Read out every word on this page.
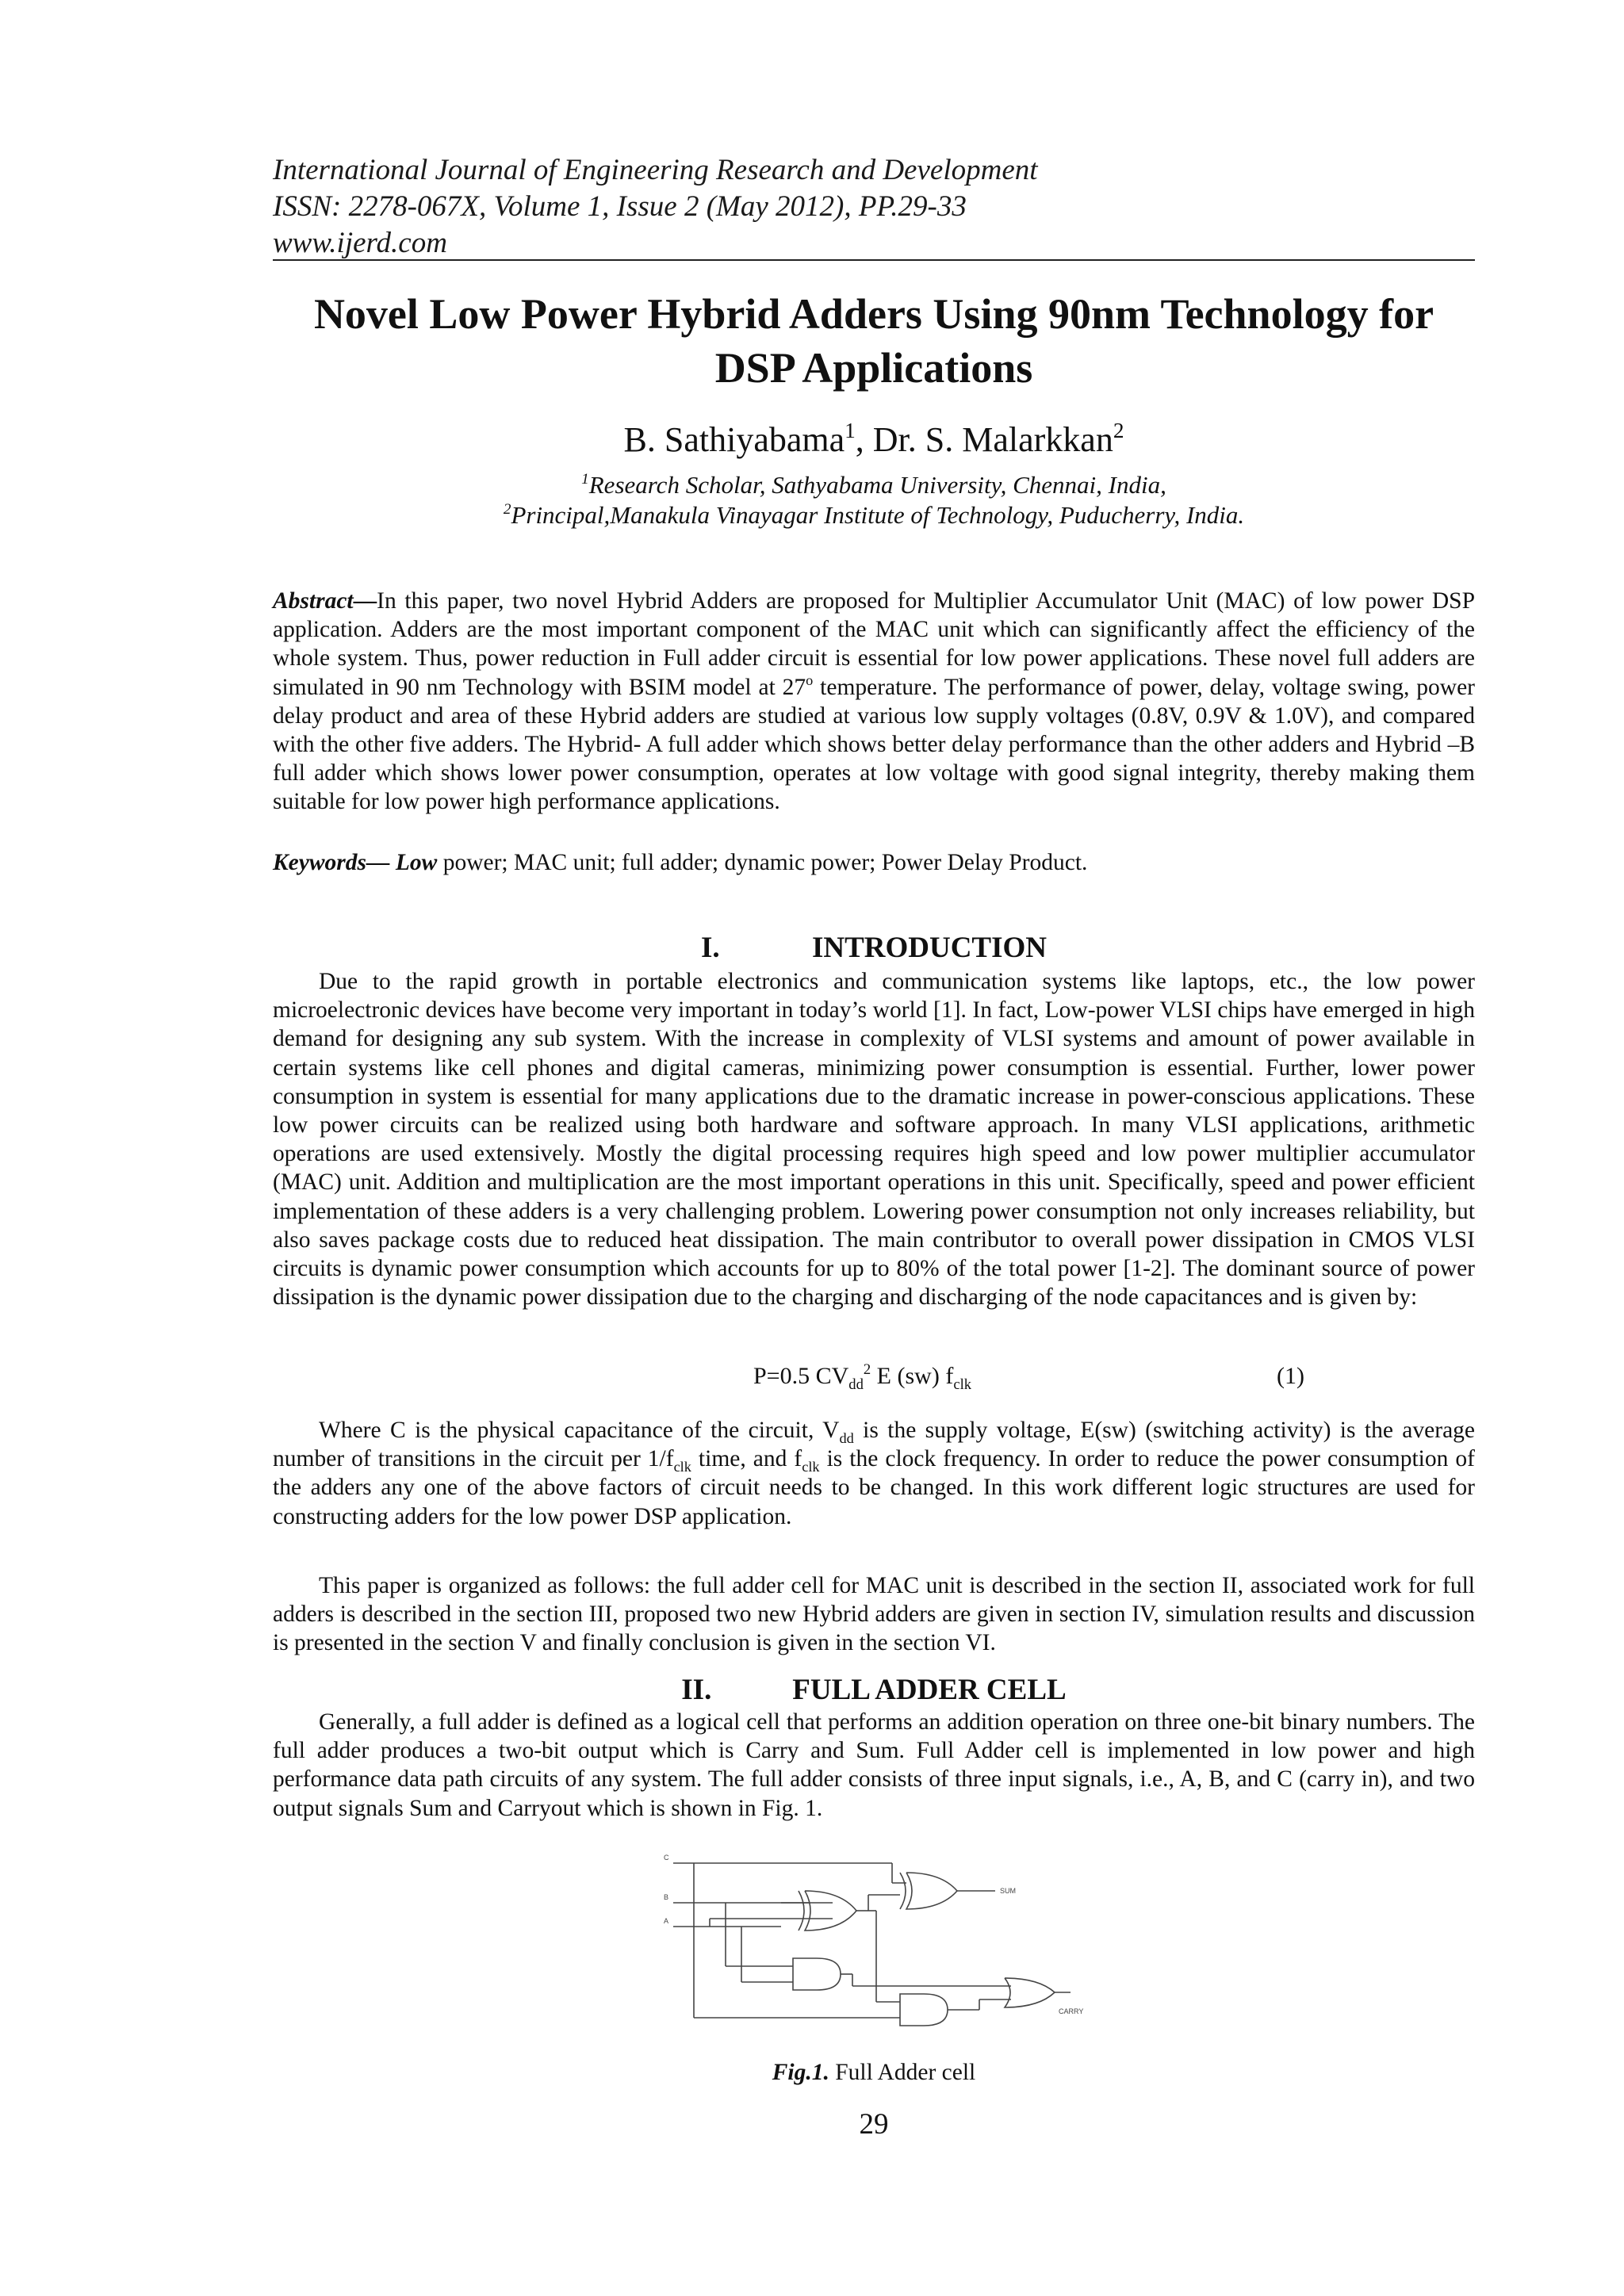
International Journal of Engineering Research and Development
ISSN: 2278-067X, Volume 1, Issue 2 (May 2012), PP.29-33
www.ijerd.com
Novel Low Power Hybrid Adders Using 90nm Technology for
DSP Applications
B. Sathiyabama$^1$, Dr. S. Malarkkan$^2$
$^1$Research Scholar, Sathyabama University, Chennai, India,
$^2$Principal,Manakula Vinayagar Institute of Technology, Puducherry, India.
Abstract—In this paper, two novel Hybrid Adders are proposed for Multiplier Accumulator Unit (MAC) of low power DSP application. Adders are the most important component of the MAC unit which can significantly affect the efficiency of the whole system. Thus, power reduction in Full adder circuit is essential for low power applications. These novel full adders are simulated in 90 nm Technology with BSIM model at 27$^o$ temperature. The performance of power, delay, voltage swing, power delay product and area of these Hybrid adders are studied at various low supply voltages (0.8V, 0.9V & 1.0V), and compared with the other five adders. The Hybrid- A full adder which shows better delay performance than the other adders and Hybrid –B full adder which shows lower power consumption, operates at low voltage with good signal integrity, thereby making them suitable for low power high performance applications.
Keywords— Low power; MAC unit; full adder; dynamic power; Power Delay Product.
I.	INTRODUCTION
Due to the rapid growth in portable electronics and communication systems like laptops, etc., the low power microelectronic devices have become very important in today’s world [1]. In fact, Low-power VLSI chips have emerged in high demand for designing any sub system. With the increase in complexity of VLSI systems and amount of power available in certain systems like cell phones and digital cameras, minimizing power consumption is essential. Further, lower power consumption in system is essential for many applications due to the dramatic increase in power-conscious applications. These low power circuits can be realized using both hardware and software approach. In many VLSI applications, arithmetic operations are used extensively. Mostly the digital processing requires high speed and low power multiplier accumulator (MAC) unit. Addition and multiplication are the most important operations in this unit. Specifically, speed and power efficient implementation of these adders is a very challenging problem. Lowering power consumption not only increases reliability, but also saves package costs due to reduced heat dissipation. The main contributor to overall power dissipation in CMOS VLSI circuits is dynamic power consumption which accounts for up to 80% of the total power [1-2]. The dominant source of power dissipation is the dynamic power dissipation due to the charging and discharging of the node capacitances and is given by:
P=0.5 $CV_{dd}^2$ E (sw) $f_{clk}$	(1)
Where C is the physical capacitance of the circuit, $V_{dd}$ is the supply voltage, E(sw) (switching activity) is the average number of transitions in the circuit per $1/f_{clk}$ time, and $f_{clk}$ is the clock frequency. In order to reduce the power consumption of the adders any one of the above factors of circuit needs to be changed. In this work different logic structures are used for constructing adders for the low power DSP application.
This paper is organized as follows: the full adder cell for MAC unit is described in the section II, associated work for full adders is described in the section III, proposed two new Hybrid adders are given in section IV, simulation results and discussion is presented in the section V and finally conclusion is given in the section VI.
II.	FULL ADDER CELL
Generally, a full adder is defined as a logical cell that performs an addition operation on three one-bit binary numbers. The full adder produces a two-bit output which is Carry and Sum. Full Adder cell is implemented in low power and high performance data path circuits of any system. The full adder consists of three input signals, i.e., A, B, and C (carry in), and two output signals Sum and Carryout which is shown in Fig. 1.
C
B
A
SUM
CARRY
Fig.1. Full Adder cell
29
